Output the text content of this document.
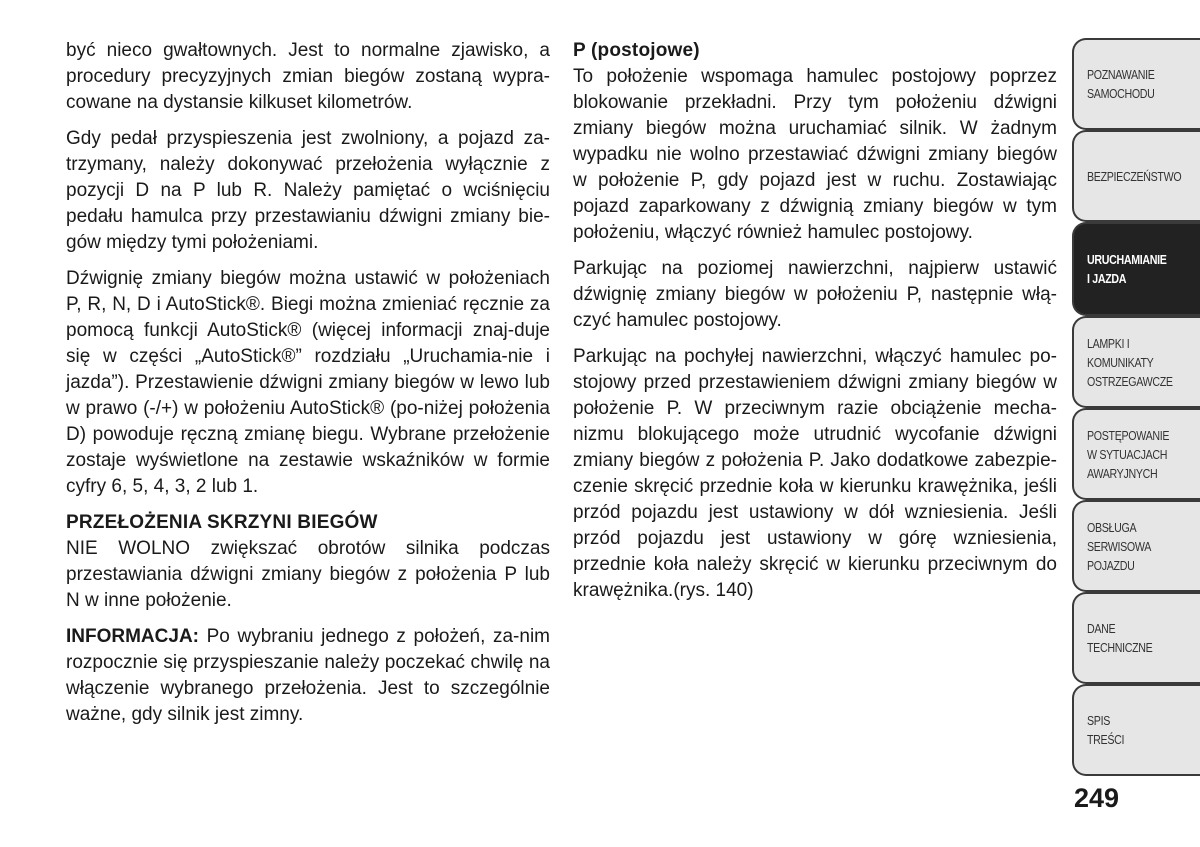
być nieco gwałtownych. Jest to normalne zjawisko, a procedury precyzyjnych zmian biegów zostaną wypra-cowane na dystansie kilkuset kilometrów.

Gdy pedał przyspieszenia jest zwolniony, a pojazd za-trzymany, należy dokonywać przełożenia wyłącznie z pozycji D na P lub R. Należy pamiętać o wciśnięciu pedału hamulca przy przestawianiu dźwigni zmiany bie-gów między tymi położeniami.

Dźwignię zmiany biegów można ustawić w położeniach P, R, N, D i AutoStick®. Biegi można zmieniać ręcznie za pomocą funkcji AutoStick® (więcej informacji znaj-duje się w części „AutoStick®” rozdziału „Uruchamia-nie i jazda”). Przestawienie dźwigni zmiany biegów w lewo lub w prawo (-/+) w położeniu AutoStick® (po-niżej położenia D) powoduje ręczną zmianę biegu. Wybrane przełożenie zostaje wyświetlone na zestawie wskaźników w formie cyfry 6, 5, 4, 3, 2 lub 1.

PRZEŁOŻENIA SKRZYNI BIEGÓW

NIE WOLNO zwiększać obrotów silnika podczas przestawiania dźwigni zmiany biegów z położenia P lub N w inne położenie.

INFORMACJA: Po wybraniu jednego z położeń, za-nim rozpocznie się przyspieszanie należy poczekać chwilę na włączenie wybranego przełożenia. Jest to szczególnie ważne, gdy silnik jest zimny.

P (postojowe)

To położenie wspomaga hamulec postojowy poprzez blokowanie przekładni. Przy tym położeniu dźwigni zmiany biegów można uruchamiać silnik. W żadnym wypadku nie wolno przestawiać dźwigni zmiany biegów w położenie P, gdy pojazd jest w ruchu. Zostawiając pojazd zaparkowany z dźwignią zmiany biegów w tym położeniu, włączyć również hamulec postojowy.

Parkując na poziomej nawierzchni, najpierw ustawić dźwignię zmiany biegów w położeniu P, następnie włą-czyć hamulec postojowy.

Parkując na pochyłej nawierzchni, włączyć hamulec po-stojowy przed przestawieniem dźwigni zmiany biegów w położenie P. W przeciwnym razie obciążenie mecha-nizmu blokującego może utrudnić wycofanie dźwigni zmiany biegów z położenia P. Jako dodatkowe zabezpie-czenie skręcić przednie koła w kierunku krawężnika, jeśli przód pojazdu jest ustawiony w dół wzniesienia. Jeśli przód pojazdu jest ustawiony w górę wzniesienia, przednie koła należy skręcić w kierunku przeciwnym do krawężnika.(rys. 140)

POZNAWANIE
SAMOCHODU
BEZPIECZEŃSTWO
URUCHAMIANIE
I JAZDA
LAMPKI I
KOMUNIKATY
OSTRZEGAWCZE
POSTĘPOWANIE
W SYTUACJACH
AWARYJNYCH
OBSŁUGA
SERWISOWA
POJAZDU
DANE
TECHNICZNE
SPIS
TREŚCI
249
